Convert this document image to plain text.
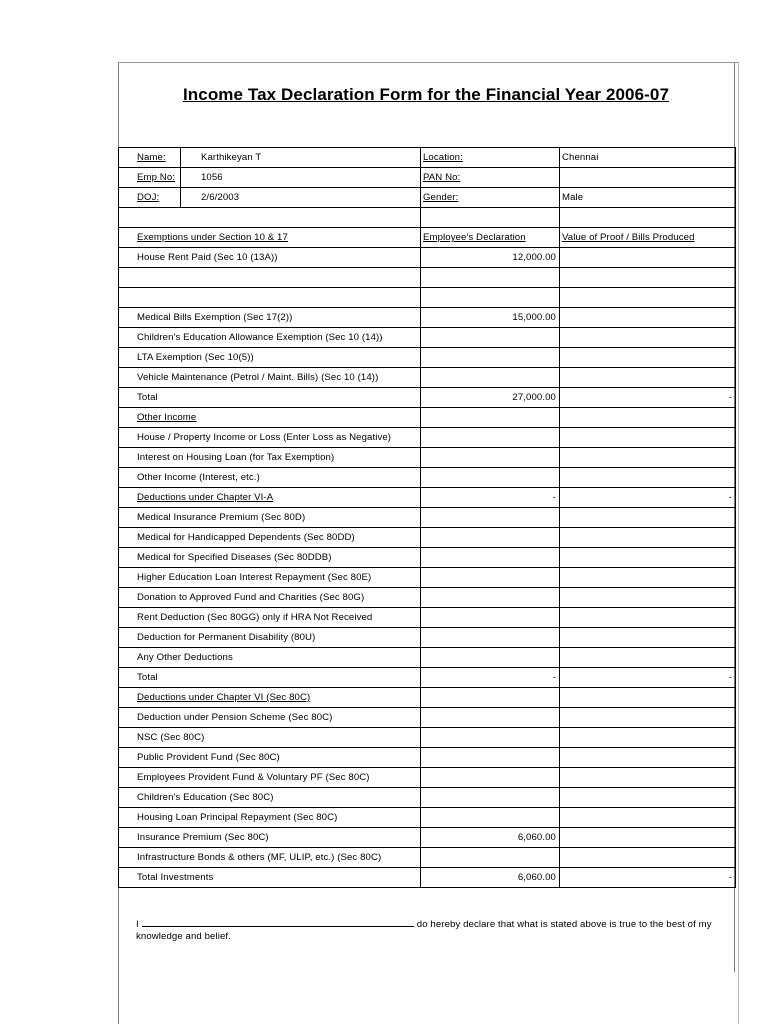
Income Tax Declaration Form for the Financial Year 2006-07
Name:	Karthikeyan T	Location:	Chennai
Emp No:	1056	PAN No:	
DOJ:	2/6/2003	Gender:	Male

Exemptions under Section 10 & 17		Employee's Declaration	Value of Proof / Bills Produced
House Rent Paid (Sec 10 (13A))		12,000.00	

Medical Bills Exemption (Sec 17(2))		15,000.00	
Children's Education Allowance Exemption (Sec 10 (14))			
LTA Exemption (Sec 10(5))			
Vehicle Maintenance (Petrol / Maint. Bills) (Sec 10 (14))			
Total		27,000.00	-
Other Income			
House / Property Income or Loss (Enter Loss as Negative)			
Interest on Housing Loan (for Tax Exemption)			
Other Income (Interest, etc.)			
Deductions under Chapter VI-A		-	-
Medical Insurance Premium (Sec 80D)			
Medical for Handicapped Dependents (Sec 80DD)			
Medical for Specified Diseases (Sec 80DDB)			
Higher Education Loan Interest Repayment (Sec 80E)			
Donation to Approved Fund and Charities (Sec 80G)			
Rent Deduction (Sec 80GG) only if HRA Not Received			
Deduction for Permanent Disability (80U)			
Any Other Deductions			
Total		-	-
Deductions under Chapter VI (Sec 80C)			
Deduction under Pension Scheme (Sec 80C)			
NSC (Sec 80C)			
Public Provident Fund (Sec 80C)			
Employees Provident Fund & Voluntary PF (Sec 80C)			
Children's Education (Sec 80C)			
Housing Loan Principal Repayment (Sec 80C)			
Insurance Premium (Sec 80C)		6,060.00	
Infrastructure Bonds & others (MF, ULIP, etc.) (Sec 80C)			
Total Investments		6,060.00	-
I	do hereby declare that what is stated above is true to the best of my knowledge and belief.
